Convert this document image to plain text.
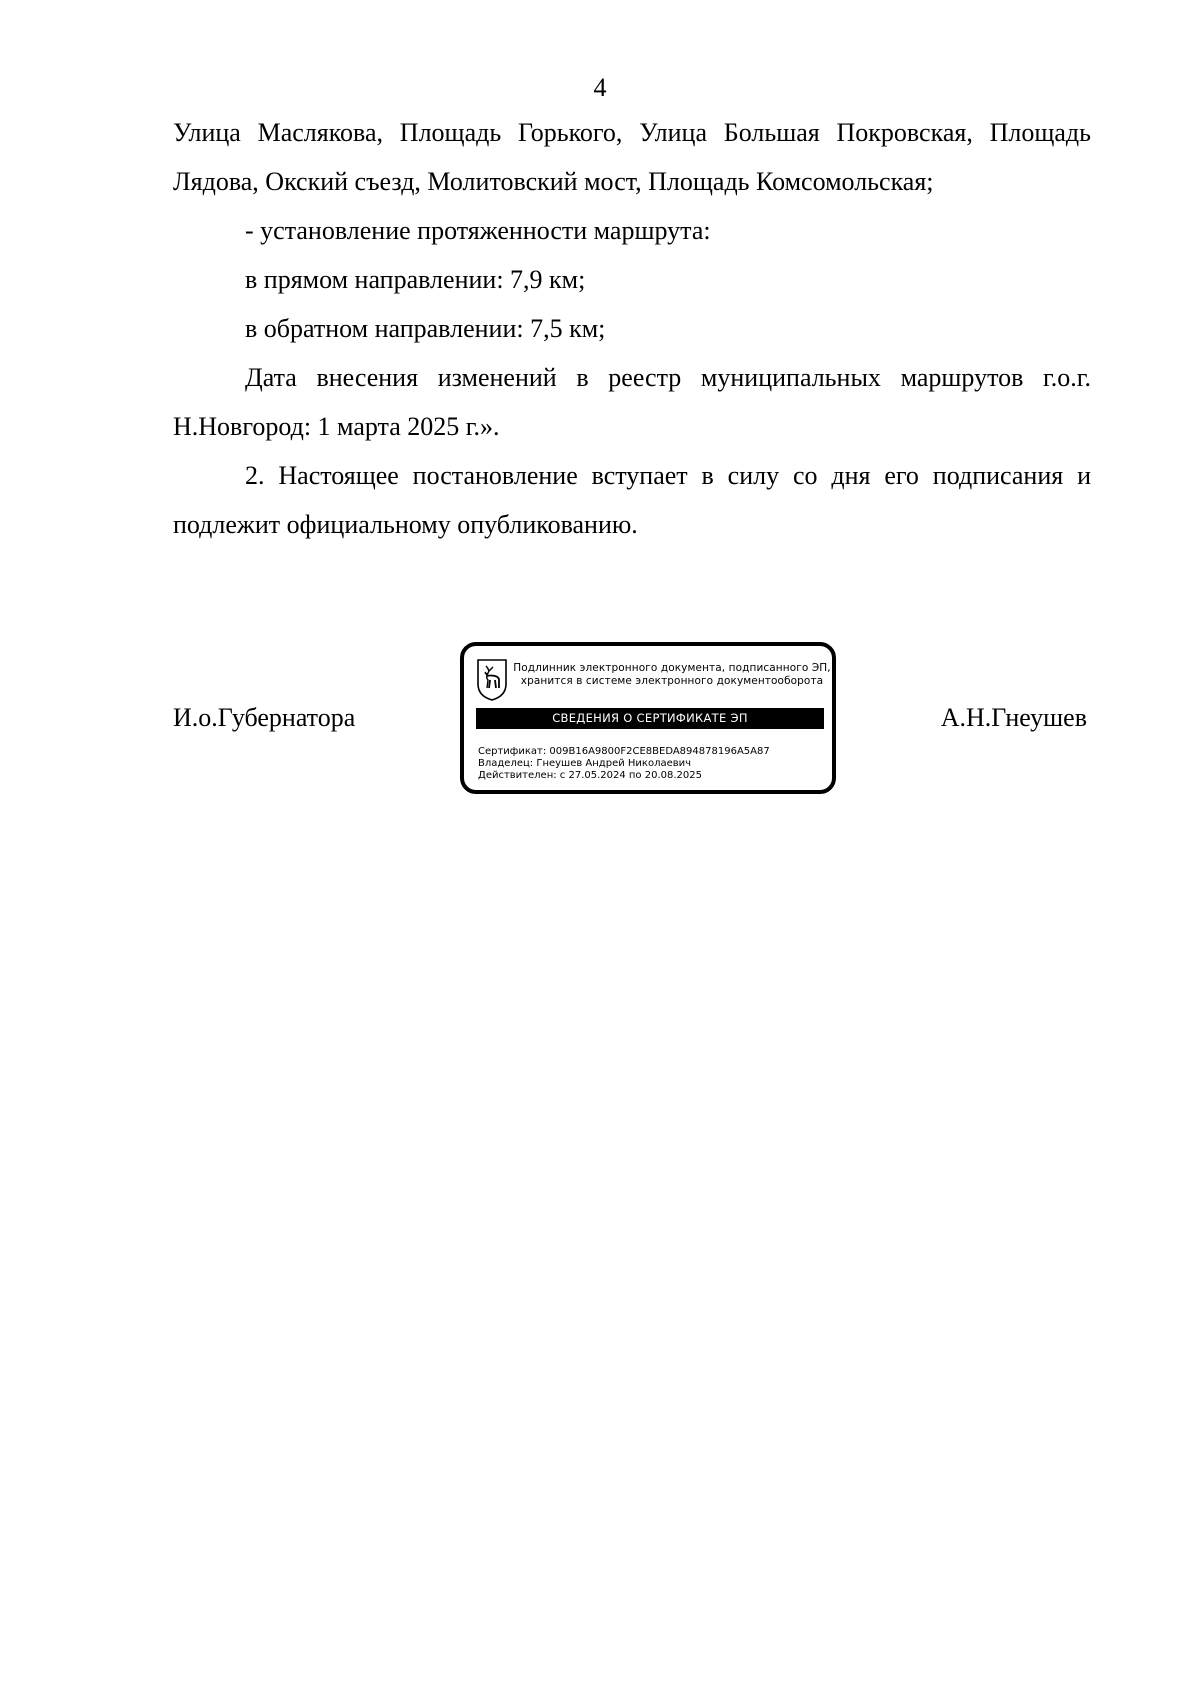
4

Улица Маслякова, Площадь Горького, Улица Большая Покровская, Площадь Лядова, Окский съезд, Молитовский мост, Площадь Комсомольская;

- установление протяженности маршрута:

в прямом направлении: 7,9 км;

в обратном направлении: 7,5 км;

Дата внесения изменений в реестр муниципальных маршрутов г.о.г. Н.Новгород: 1 марта 2025 г.».

2. Настоящее постановление вступает в силу со дня его подписания и подлежит официальному опубликованию.

И.о.Губернатора
Подлинник электронного документа, подписанного ЭП,
хранится в системе электронного документооборота
СВЕДЕНИЯ О СЕРТИФИКАТЕ ЭП
Сертификат: 009B16A9800F2CE8BEDA894878196A5A87
Владелец: Гнеушев Андрей Николаевич
Действителен: с 27.05.2024 по 20.08.2025
А.Н.Гнеушев
